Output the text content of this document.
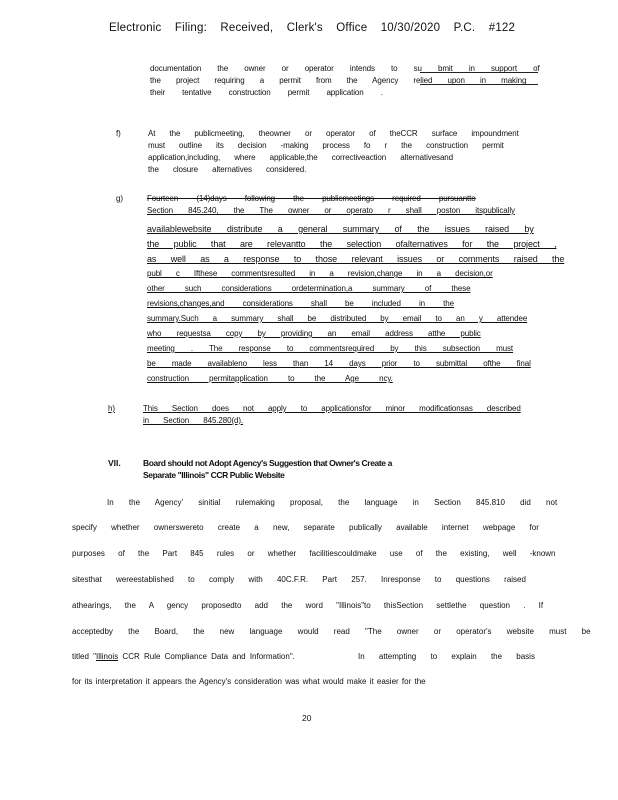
Electronic Filing: Received, Clerk's Office 10/30/2020 P.C. #122
documentation the owner or operator intends to su bmit in support of
the project requiring a permit from the Agency relied upon in making
their tentative construction permit application .
f)	At the publicmeeting, theowner or operator of theCCR surface impoundment
must outline its decision -making process fo r the construction permit
application,including, where applicable,the correctiveaction alternativesand
the closure alternatives considered.
g)	Fourteen (14)days following the publicmeetings required pursuantto
Section 845.240, the The owner or operato r shall poston itspublically
availablewebsite distribute a general summary of the issues raised by
the public that are relevantto the selection ofalternatives for the project ,
as well as a response to those relevant issues or comments raised the
publ c Ifthese commentsresulted in a revision,change in a decision,or
other such considerations ordetermination,a summary of these
revisions,changes,and considerations shall be included in the
summary.Such a summary shall be distributed by email to an y attendee
who requestsa copy by providing an email address atthe public
meeting . The response to commentsrequired by this subsection must
be made availableno less than 14 days prior to submittal ofthe final
construction permitapplication to the Age ncy.
h)	This Section does not apply to applicationsfor minor modificationsas described
in Section 845.280(d).
VII.	Board should not Adopt Agency's Suggestion that Owner's Create a
Separate "Illinois" CCR Public Website
In the Agency' sinitial rulemaking proposal, the language in Section 845.810 did not
specify whether ownerswereto create a new, separate publically available internet webpage for
purposes of the Part 845 rules or whether facilitiescouldmake use of the existing, well -known
sitesthat wereestablished to comply with 40C.F.R. Part 257. Inresponse to questions raised
athearings, the A gency proposedto add the word "Illinois"to thisSection settlethe question . If
acceptedby the Board, the new language would read "The owner or operator's website must be
titled "Illinois CCR Rule Compliance Data and Information".	In attempting to explain the basis
for its interpretation it appears the Agency's consideration was what would make it easier for the
20
